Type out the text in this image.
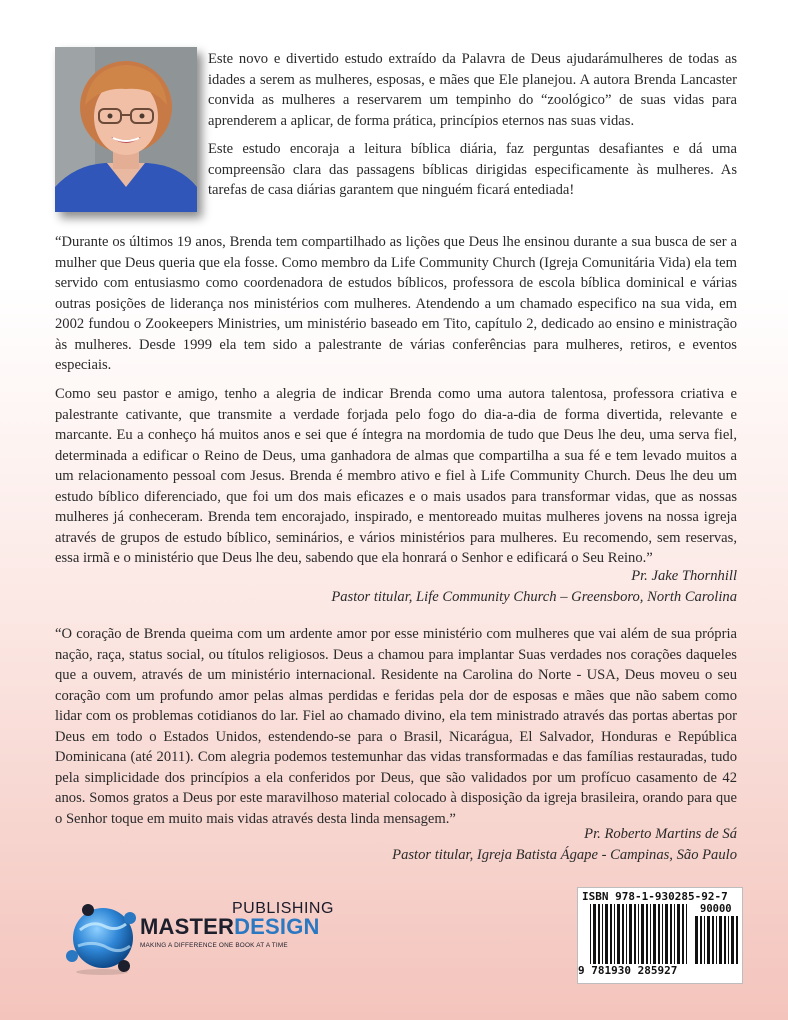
Este novo e divertido estudo extraído da Palavra de Deus ajudarámulheres de todas as idades a serem as mulheres, esposas, e mães que Ele planejou. A autora Brenda Lancaster convida as mulheres a reservarem um tempinho do “zoológico” de suas vidas para aprenderem a aplicar, de forma prática, princípios eternos nas suas vidas.

Este estudo encoraja a leitura bíblica diária, faz perguntas desafiantes e dá uma compreensão clara das passagens bíblicas dirigidas especificamente às mulheres. As tarefas de casa diárias garantem que ninguém ficará entediada!

“Durante os últimos 19 anos, Brenda tem compartilhado as lições que Deus lhe ensinou durante a sua busca de ser a mulher que Deus queria que ela fosse. Como membro da Life Community Church (Igreja Comunitária Vida) ela tem servido com entusiasmo como coordenadora de estudos bíblicos, professora de escola bíblica dominical e várias outras posições de liderança nos ministérios com mulheres. Atendendo a um chamado especifico na sua vida, em 2002 fundou o Zookeepers Ministries, um ministério baseado em Tito, capítulo 2, dedicado ao ensino e ministração às mulheres. Desde 1999 ela tem sido a palestrante de várias conferências para mulheres, retiros, e eventos especiais.

Como seu pastor e amigo, tenho a alegria de indicar Brenda como uma autora talentosa, professora criativa e palestrante cativante, que transmite a verdade forjada pelo fogo do dia-a-dia de forma divertida, relevante e marcante. Eu a conheço há muitos anos e sei que é íntegra na mordomia de tudo que Deus lhe deu, uma serva fiel, determinada a edificar o Reino de Deus, uma ganhadora de almas que compartilha a sua fé e tem levado muitos a um relacionamento pessoal com Jesus. Brenda é membro ativo e fiel à Life Community Church. Deus lhe deu um estudo bíblico diferenciado, que foi um dos mais eficazes e o mais usados para transformar vidas, que as nossas mulheres já conheceram. Brenda tem encorajado, inspirado, e mentoreado muitas mulheres jovens na nossa igreja através de grupos de estudo bíblico, seminários, e vários ministérios para mulheres. Eu recomendo, sem reservas, essa irmã e o ministério que Deus lhe deu, sabendo que ela honrará o Senhor e edificará o Seu Reino.”

Pr. Jake Thornhill
Pastor titular, Life Community Church – Greensboro, North Carolina

“O coração de Brenda queima com um ardente amor por esse ministério com mulheres que vai além de sua própria nação, raça, status social, ou títulos religiosos. Deus a chamou para implantar Suas verdades nos corações daqueles que a ouvem, através de um ministério internacional. Residente na Carolina do Norte - USA, Deus moveu o seu coração com um profundo amor pelas almas perdidas e feridas pela dor de esposas e mães que não sabem como lidar com os problemas cotidianos do lar. Fiel ao chamado divino, ela tem ministrado através das portas abertas por Deus em todo o Estados Unidos, estendendo-se para o Brasil, Nicarágua, El Salvador, Honduras e República Dominicana (até 2011). Com alegria podemos testemunhar das vidas transformadas e das famílias restauradas, tudo pela simplicidade dos princípios a ela conferidos por Deus, que são validados por um profícuo casamento de 42 anos. Somos gratos a Deus por este maravilhoso material colocado à disposição da igreja brasileira, orando para que o Senhor toque em muito mais vidas através desta linda mensagem.”

Pr. Roberto Martins de Sá
Pastor titular, Igreja Batista Ágape - Campinas, São Paulo
PUBLISHING
MASTERDESIGN
MAKING A DIFFERENCE ONE BOOK AT A TIME
ISBN 978-1-930285-92-7
90000
9 781930 285927
